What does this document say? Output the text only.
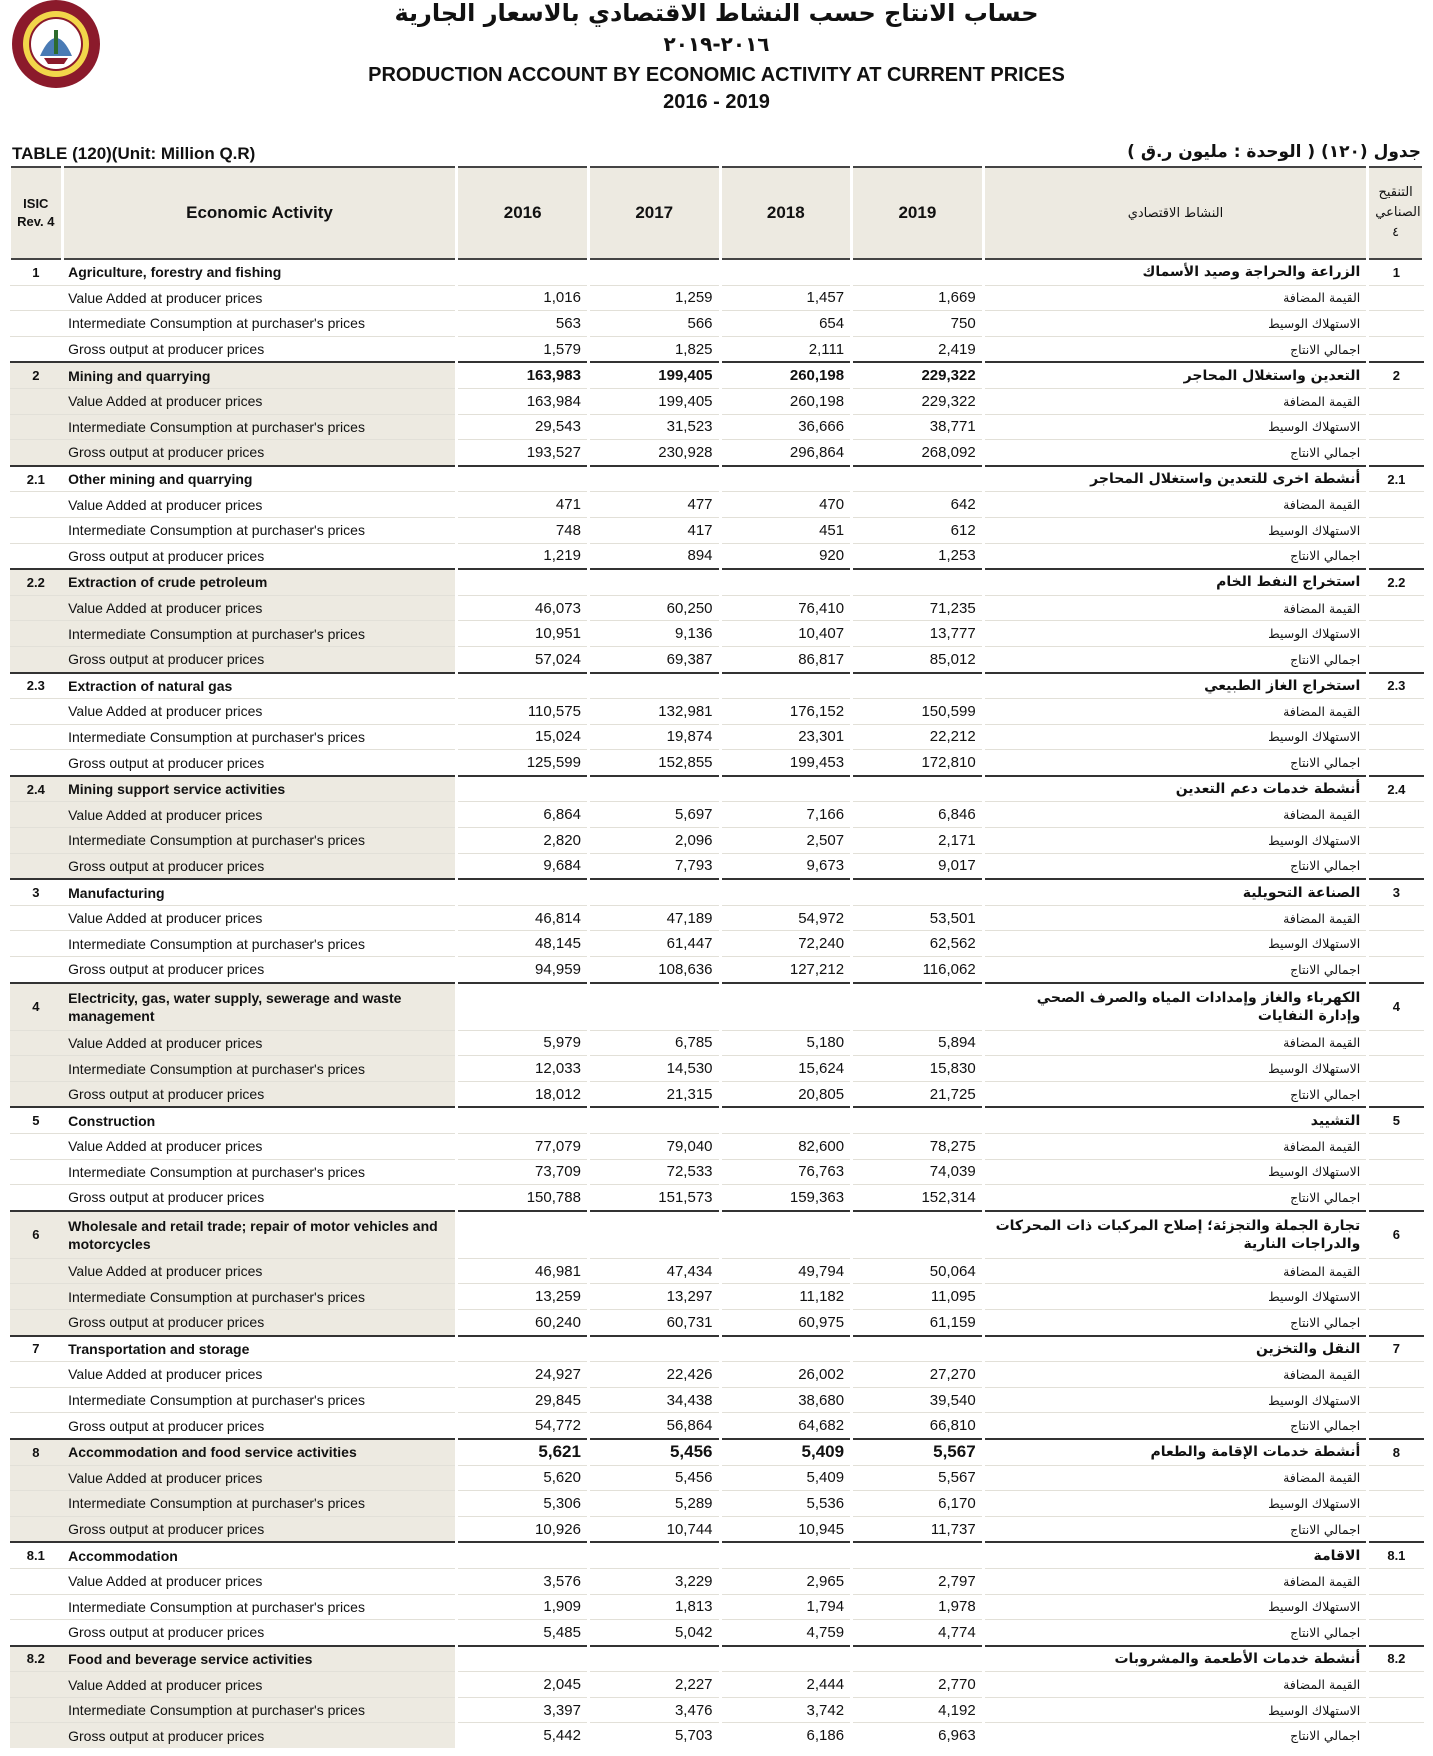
حساب الانتاج حسب النشاط الاقتصادي بالاسعار الجارية
٢٠١٦-٢٠١٩
PRODUCTION ACCOUNT BY ECONOMIC ACTIVITY AT CURRENT PRICES
2016 - 2019
TABLE (120)(Unit: Million Q.R)	جدول (١٢٠) ( الوحدة : مليون ر.ق )
ISIC Rev. 4	Economic Activity	2016	2017	2018	2019	النشاط الاقتصادي	التنقيح الصناعي ٤
1	Agriculture, forestry and fishing					الزراعة والحراجة وصيد الأسماك	1
	Value Added at producer prices	1,016	1,259	1,457	1,669	القيمة المضافة	
	Intermediate Consumption at purchaser's prices	563	566	654	750	الاستهلاك الوسيط	
	Gross output at producer prices	1,579	1,825	2,111	2,419	اجمالي الانتاج	
2	Mining and quarrying	163,983	199,405	260,198	229,322	التعدين واستغلال المحاجر	2
	Value Added at producer prices	163,984	199,405	260,198	229,322	القيمة المضافة	
	Intermediate Consumption at purchaser's prices	29,543	31,523	36,666	38,771	الاستهلاك الوسيط	
	Gross output at producer prices	193,527	230,928	296,864	268,092	اجمالي الانتاج	
2.1	Other mining and quarrying					أنشطة اخرى للتعدين واستغلال المحاجر	2.1
	Value Added at producer prices	471	477	470	642	القيمة المضافة	
	Intermediate Consumption at purchaser's prices	748	417	451	612	الاستهلاك الوسيط	
	Gross output at producer prices	1,219	894	920	1,253	اجمالي الانتاج	
2.2	Extraction of crude petroleum					استخراج النفط الخام	2.2
	Value Added at producer prices	46,073	60,250	76,410	71,235	القيمة المضافة	
	Intermediate Consumption at purchaser's prices	10,951	9,136	10,407	13,777	الاستهلاك الوسيط	
	Gross output at producer prices	57,024	69,387	86,817	85,012	اجمالي الانتاج	
2.3	Extraction of natural gas					استخراج الغاز الطبيعي	2.3
	Value Added at producer prices	110,575	132,981	176,152	150,599	القيمة المضافة	
	Intermediate Consumption at purchaser's prices	15,024	19,874	23,301	22,212	الاستهلاك الوسيط	
	Gross output at producer prices	125,599	152,855	199,453	172,810	اجمالي الانتاج	
2.4	Mining support service activities					أنشطة خدمات دعم التعدين	2.4
	Value Added at producer prices	6,864	5,697	7,166	6,846	القيمة المضافة	
	Intermediate Consumption at purchaser's prices	2,820	2,096	2,507	2,171	الاستهلاك الوسيط	
	Gross output at producer prices	9,684	7,793	9,673	9,017	اجمالي الانتاج	
3	Manufacturing					الصناعة التحويلية	3
	Value Added at producer prices	46,814	47,189	54,972	53,501	القيمة المضافة	
	Intermediate Consumption at purchaser's prices	48,145	61,447	72,240	62,562	الاستهلاك الوسيط	
	Gross output at producer prices	94,959	108,636	127,212	116,062	اجمالي الانتاج	
4	Electricity, gas, water supply, sewerage and waste management					الكهرباء والغاز وإمدادات المياه والصرف الصحي وإدارة النفايات	4
	Value Added at producer prices	5,979	6,785	5,180	5,894	القيمة المضافة	
	Intermediate Consumption at purchaser's prices	12,033	14,530	15,624	15,830	الاستهلاك الوسيط	
	Gross output at producer prices	18,012	21,315	20,805	21,725	اجمالي الانتاج	
5	Construction					التشييد	5
	Value Added at producer prices	77,079	79,040	82,600	78,275	القيمة المضافة	
	Intermediate Consumption at purchaser's prices	73,709	72,533	76,763	74,039	الاستهلاك الوسيط	
	Gross output at producer prices	150,788	151,573	159,363	152,314	اجمالي الانتاج	
6	Wholesale and retail trade; repair of motor vehicles and motorcycles					تجارة الجملة والتجزئة؛ إصلاح المركبات ذات المحركات والدراجات النارية	6
	Value Added at producer prices	46,981	47,434	49,794	50,064	القيمة المضافة	
	Intermediate Consumption at purchaser's prices	13,259	13,297	11,182	11,095	الاستهلاك الوسيط	
	Gross output at producer prices	60,240	60,731	60,975	61,159	اجمالي الانتاج	
7	Transportation and storage					النقل والتخزين	7
	Value Added at producer prices	24,927	22,426	26,002	27,270	القيمة المضافة	
	Intermediate Consumption at purchaser's prices	29,845	34,438	38,680	39,540	الاستهلاك الوسيط	
	Gross output at producer prices	54,772	56,864	64,682	66,810	اجمالي الانتاج	
8	Accommodation and food service activities	5,621	5,456	5,409	5,567	أنشطة خدمات الإقامة والطعام	8
	Value Added at producer prices	5,620	5,456	5,409	5,567	القيمة المضافة	
	Intermediate Consumption at purchaser's prices	5,306	5,289	5,536	6,170	الاستهلاك الوسيط	
	Gross output at producer prices	10,926	10,744	10,945	11,737	اجمالي الانتاج	
8.1	Accommodation					الاقامة	8.1
	Value Added at producer prices	3,576	3,229	2,965	2,797	القيمة المضافة	
	Intermediate Consumption at purchaser's prices	1,909	1,813	1,794	1,978	الاستهلاك الوسيط	
	Gross output at producer prices	5,485	5,042	4,759	4,774	اجمالي الانتاج	
8.2	Food and beverage service activities					أنشطة خدمات الأطعمة والمشروبات	8.2
	Value Added at producer prices	2,045	2,227	2,444	2,770	القيمة المضافة	
	Intermediate Consumption at purchaser's prices	3,397	3,476	3,742	4,192	الاستهلاك الوسيط	
	Gross output at producer prices	5,442	5,703	6,186	6,963	اجمالي الانتاج	
